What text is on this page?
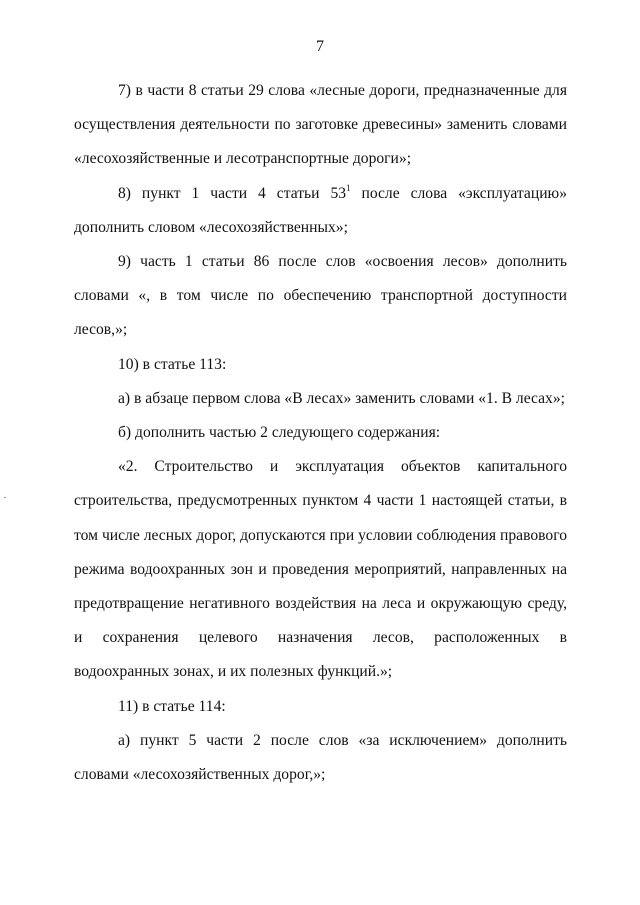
7

7) в части 8 статьи 29 слова «лесные дороги, предназначенные для осуществления деятельности по заготовке древесины» заменить словами «лесохозяйственные и лесотранспортные дороги»;

8) пункт 1 части 4 статьи $53^1$ после слова «эксплуатацию» дополнить словом «лесохозяйственных»;

9) часть 1 статьи 86 после слов «освоения лесов» дополнить словами «, в том числе по обеспечению транспортной доступности лесов,»;

10) в статье 113:

а) в абзаце первом слова «В лесах» заменить словами «1. В лесах»;

б) дополнить частью 2 следующего содержания:

«2. Строительство и эксплуатация объектов капитального строительства, предусмотренных пунктом 4 части 1 настоящей статьи, в том числе лесных дорог, допускаются при условии соблюдения правового режима водоохранных зон и проведения мероприятий, направленных на предотвращение негативного воздействия на леса и окружающую среду, и сохранения целевого назначения лесов, расположенных в водоохранных зонах, и их полезных функций.»;

11) в статье 114:

а) пункт 5 части 2 после слов «за исключением» дополнить словами «лесохозяйственных дорог,»;
